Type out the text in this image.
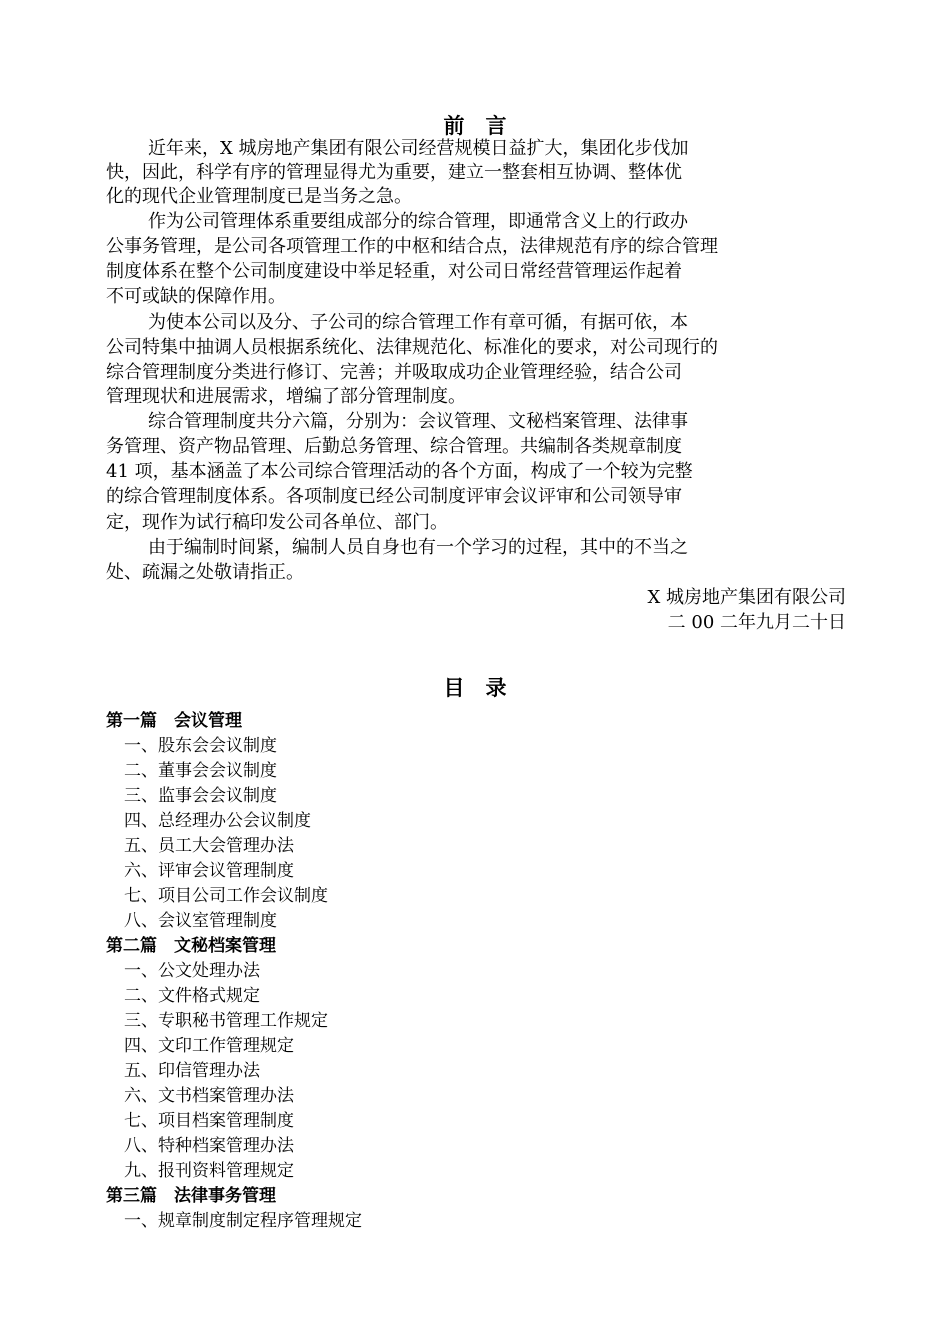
前　言
近年来，X 城房地产集团有限公司经营规模日益扩大，集团化步伐加
快，因此，科学有序的管理显得尤为重要，建立一整套相互协调、整体优
化的现代企业管理制度已是当务之急。
作为公司管理体系重要组成部分的综合管理，即通常含义上的行政办
公事务管理，是公司各项管理工作的中枢和结合点，法律规范有序的综合管理
制度体系在整个公司制度建设中举足轻重，对公司日常经营管理运作起着
不可或缺的保障作用。
为使本公司以及分、子公司的综合管理工作有章可循，有据可依，本
公司特集中抽调人员根据系统化、法律规范化、标准化的要求，对公司现行的
综合管理制度分类进行修订、完善；并吸取成功企业管理经验，结合公司
管理现状和进展需求，增编了部分管理制度。
综合管理制度共分六篇，分别为：会议管理、文秘档案管理、法律事
务管理、资产物品管理、后勤总务管理、综合管理。共编制各类规章制度
41 项，基本涵盖了本公司综合管理活动的各个方面，构成了一个较为完整
的综合管理制度体系。各项制度已经公司制度评审会议评审和公司领导审
定，现作为试行稿印发公司各单位、部门。
由于编制时间紧，编制人员自身也有一个学习的过程，其中的不当之
处、疏漏之处敬请指正。
X 城房地产集团有限公司
二 00 二年九月二十日
目　录
第一篇　会议管理
一、股东会会议制度
二、董事会会议制度
三、监事会会议制度
四、总经理办公会议制度
五、员工大会管理办法
六、评审会议管理制度
七、项目公司工作会议制度
八、会议室管理制度
第二篇　文秘档案管理
一、公文处理办法
二、文件格式规定
三、专职秘书管理工作规定
四、文印工作管理规定
五、印信管理办法
六、文书档案管理办法
七、项目档案管理制度
八、特种档案管理办法
九、报刊资料管理规定
第三篇　法律事务管理
一、规章制度制定程序管理规定
